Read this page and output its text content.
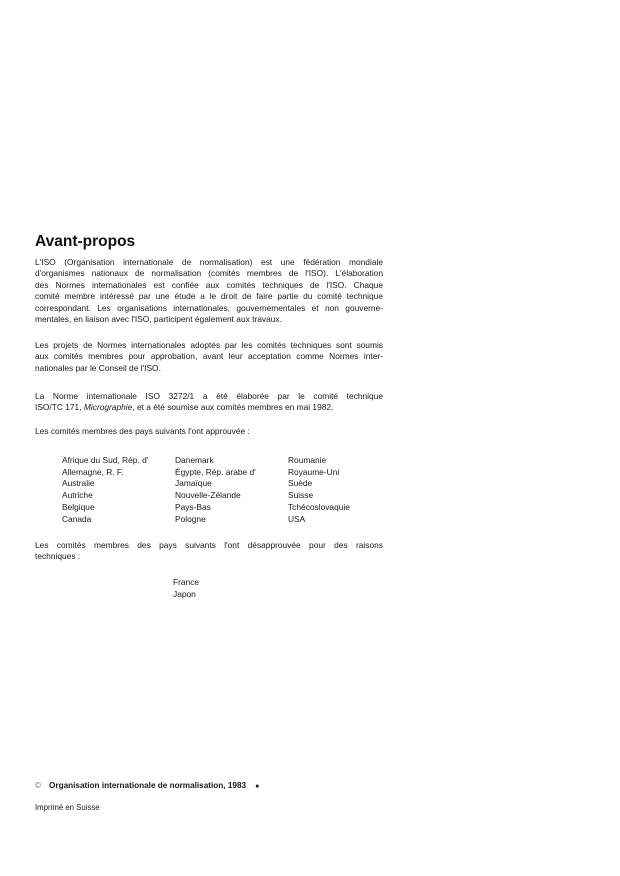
Avant-propos
L'ISO (Organisation internationale de normalisation) est une fédération mondiale
d'organismes nationaux de normalisation (comités membres de l'ISO). L'élaboration
des Normes internationales est confiée aux comités techniques de l'ISO. Chaque
comité membre intéressé par une étude a le droit de faire partie du comité technique
correspondant. Les organisations internationales, gouvernementales et non gouverne-
mentales, en liaison avec l'ISO, participent également aux travaux.
Les projets de Normes internationales adoptés par les comités techniques sont soumis
aux comités membres pour approbation, avant leur acceptation comme Normes inter-
nationales par le Conseil de l'ISO.
La Norme internationale ISO 3272/1 a été élaborée par le comité technique
ISO/TC 171, Micrographie, et a été soumise aux comités membres en mai 1982.
Les comités membres des pays suivants l'ont approuvée :
Afrique du Sud, Rép. d'
Allemagne, R. F.
Australie
Autriche
Belgique
Canada
Danemark
Égypte, Rép. arabe d'
Jamaïque
Nouvelle-Zélande
Pays-Bas
Pologne
Roumanie
Royaume-Uni
Suède
Suisse
Tchécoslovaquie
USA
Les comités membres des pays suivants l'ont désapprouvée pour des raisons
techniques :
France
Japon
© Organisation internationale de normalisation, 1983 ●
Imprimé en Suisse
